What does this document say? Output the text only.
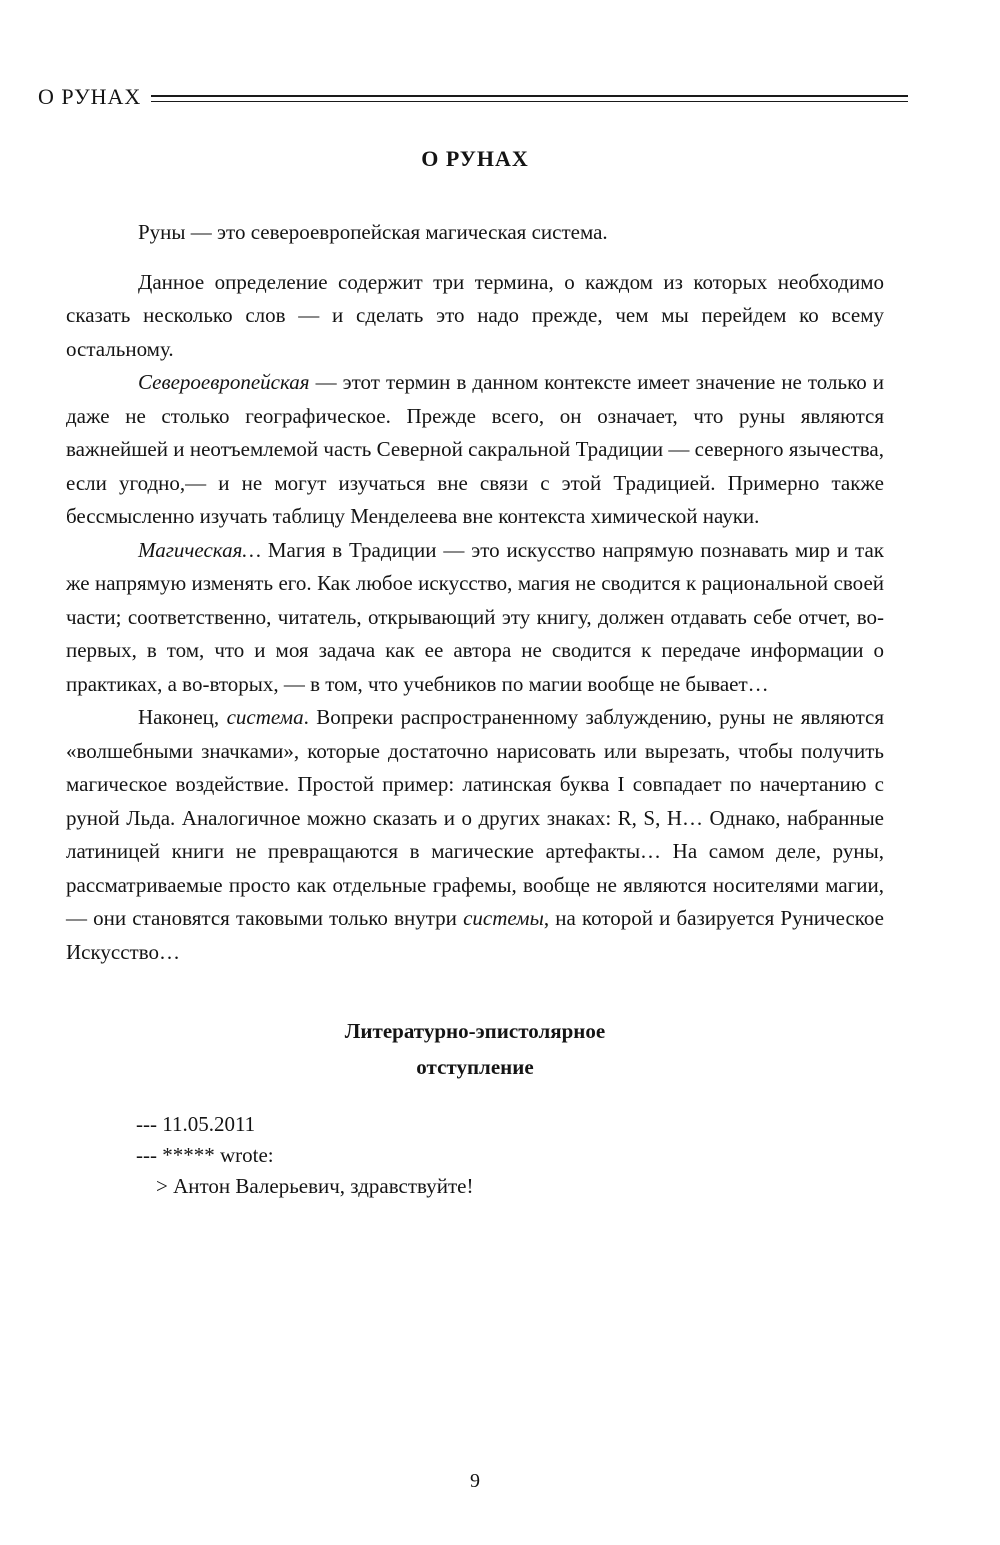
О РУНАХ
О РУНАХ

Руны — это североевропейская магическая система.

Данное определение содержит три термина, о каждом из которых необходимо сказать несколько слов — и сделать это надо прежде, чем мы перейдем ко всему остальному.

Североевропейская — этот термин в данном контексте имеет значение не только и даже не столько географическое. Прежде всего, он означает, что руны являются важнейшей и неотъемлемой часть Северной сакральной Традиции — северного язычества, если угодно,— и не могут изучаться вне связи с этой Традицией. Примерно также бессмысленно изучать таблицу Менделеева вне контекста химической науки.

Магическая… Магия в Традиции — это искусство напрямую познавать мир и так же напрямую изменять его. Как любое искусство, магия не сводится к рациональной своей части; соответственно, читатель, открывающий эту книгу, должен отдавать себе отчет, во-первых, в том, что и моя задача как ее автора не сводится к передаче информации о практиках, а во-вторых, — в том, что учебников по магии вообще не бывает…

Наконец, система. Вопреки распространенному заблуждению, руны не являются «волшебными значками», которые достаточно нарисовать или вырезать, чтобы получить магическое воздействие. Простой пример: латинская буква I совпадает по начертанию с руной Льда. Аналогичное можно сказать и о других знаках: R, S, H… Однако, набранные латиницей книги не превращаются в магические артефакты… На самом деле, руны, рассматриваемые просто как отдельные графемы, вообще не являются носителями магии, — они становятся таковыми только внутри системы, на которой и базируется Руническое Искусство…

Литературно-эпистолярное
отступление

--- 11.05.2011

--- ***** wrote:

> Антон Валерьевич, здравствуйте!

9
